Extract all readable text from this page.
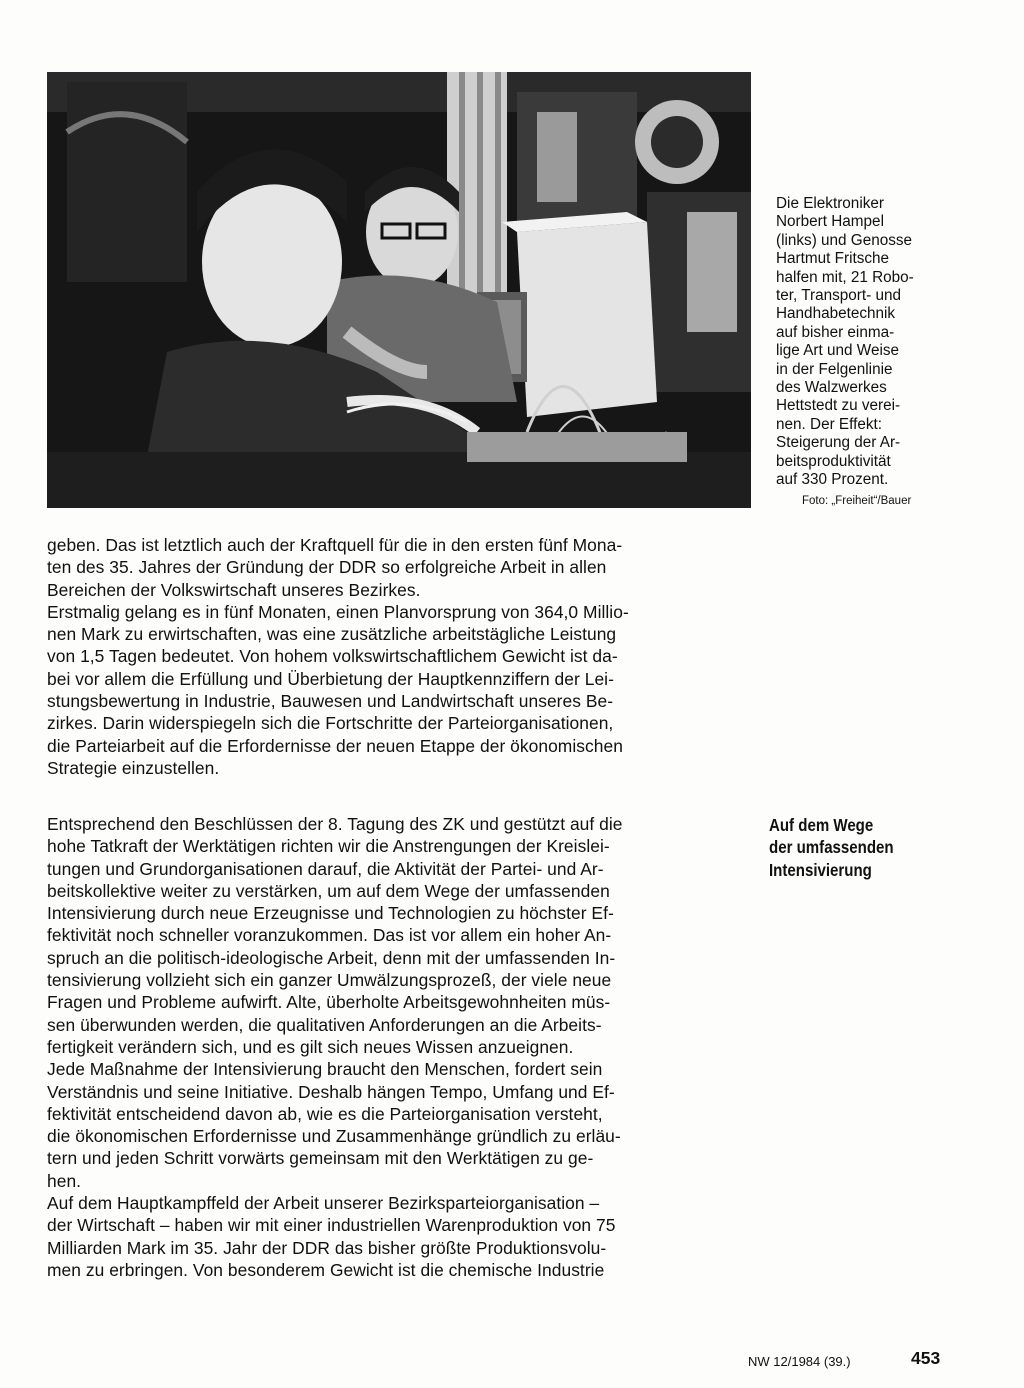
Die Elektroniker
Norbert Hampel
(links) und Genosse
Hartmut Fritsche
halfen mit, 21 Robo-
ter, Transport- und
Handhabetechnik
auf bisher einma-
lige Art und Weise
in der Felgenlinie
des Walzwerkes
Hettstedt zu verei-
nen. Der Effekt:
Steigerung der Ar-
beitsproduktivität
auf 330 Prozent.
Foto: „Freiheit“/Bauer
geben. Das ist letztlich auch der Kraftquell für die in den ersten fünf Mona-
ten des 35. Jahres der Gründung der DDR so erfolgreiche Arbeit in allen
Bereichen der Volkswirtschaft unseres Bezirkes.
Erstmalig gelang es in fünf Monaten, einen Planvorsprung von 364,0 Millio-
nen Mark zu erwirtschaften, was eine zusätzliche arbeitstägliche Leistung
von 1,5 Tagen bedeutet. Von hohem volkswirtschaftlichem Gewicht ist da-
bei vor allem die Erfüllung und Überbietung der Hauptkennziffern der Lei-
stungsbewertung in Industrie, Bauwesen und Landwirtschaft unseres Be-
zirkes. Darin widerspiegeln sich die Fortschritte der Parteiorganisationen,
die Parteiarbeit auf die Erfordernisse der neuen Etappe der ökonomischen
Strategie einzustellen.
Auf dem Wege
der umfassenden
Intensivierung
Entsprechend den Beschlüssen der 8. Tagung des ZK und gestützt auf die
hohe Tatkraft der Werktätigen richten wir die Anstrengungen der Kreislei-
tungen und Grundorganisationen darauf, die Aktivität der Partei- und Ar-
beitskollektive weiter zu verstärken, um auf dem Wege der umfassenden
Intensivierung durch neue Erzeugnisse und Technologien zu höchster Ef-
fektivität noch schneller voranzukommen. Das ist vor allem ein hoher An-
spruch an die politisch-ideologische Arbeit, denn mit der umfassenden In-
tensivierung vollzieht sich ein ganzer Umwälzungsprozeß, der viele neue
Fragen und Probleme aufwirft. Alte, überholte Arbeitsgewohnheiten müs-
sen überwunden werden, die qualitativen Anforderungen an die Arbeits-
fertigkeit verändern sich, und es gilt sich neues Wissen anzueignen.
Jede Maßnahme der Intensivierung braucht den Menschen, fordert sein
Verständnis und seine Initiative. Deshalb hängen Tempo, Umfang und Ef-
fektivität entscheidend davon ab, wie es die Parteiorganisation versteht,
die ökonomischen Erfordernisse und Zusammenhänge gründlich zu erläu-
tern und jeden Schritt vorwärts gemeinsam mit den Werktätigen zu ge-
hen.
Auf dem Hauptkampffeld der Arbeit unserer Bezirksparteiorganisation –
der Wirtschaft – haben wir mit einer industriellen Warenproduktion von 75
Milliarden Mark im 35. Jahr der DDR das bisher größte Produktionsvolu-
men zu erbringen. Von besonderem Gewicht ist die chemische Industrie
NW 12/1984 (39.)	453
